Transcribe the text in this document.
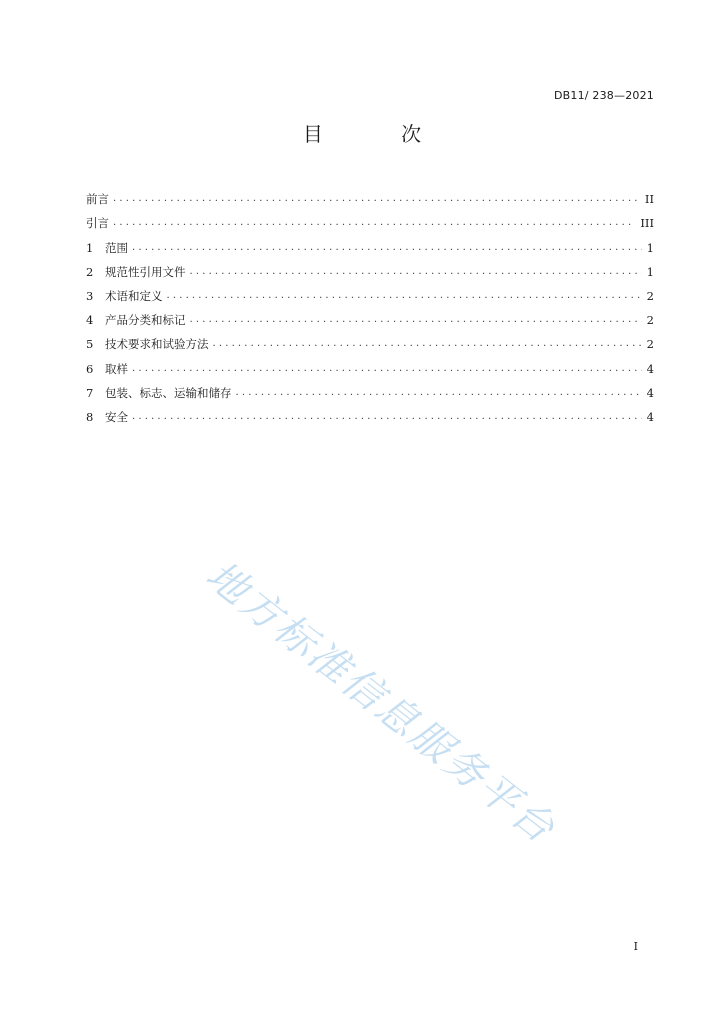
DB11/ 238—2021
目 次
前言 . . .	II
引言 . . .	III
1	范围 . . .	1
2	规范性引用文件 . . .	1
3	术语和定义 . . .	2
4	产品分类和标记 . . .	2
5	技术要求和试验方法 . . .	2
6	取样 . . .	4
7	包装、标志、运输和储存 . . .	4
8	安全 . . .	4
地方标准信息服务平台
I
